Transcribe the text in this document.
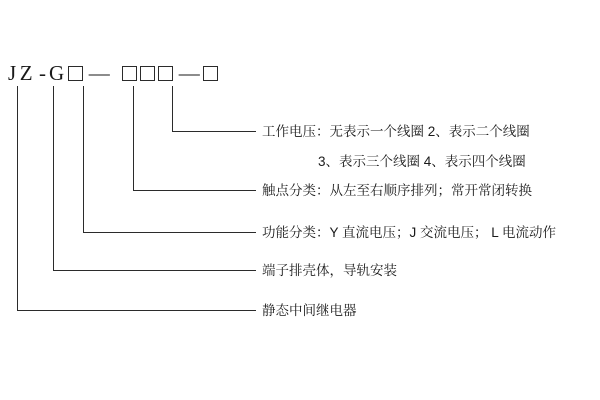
J Z - G —	—
工作电压：无表示一个线圈 2、表示二个线圈
3、表示三个线圈 4、表示四个线圈
触点分类：从左至右顺序排列；常开常闭转换
功能分类：Y 直流电压；J 交流电压； L 电流动作
端子排壳体，导轨安装
静态中间继电器
